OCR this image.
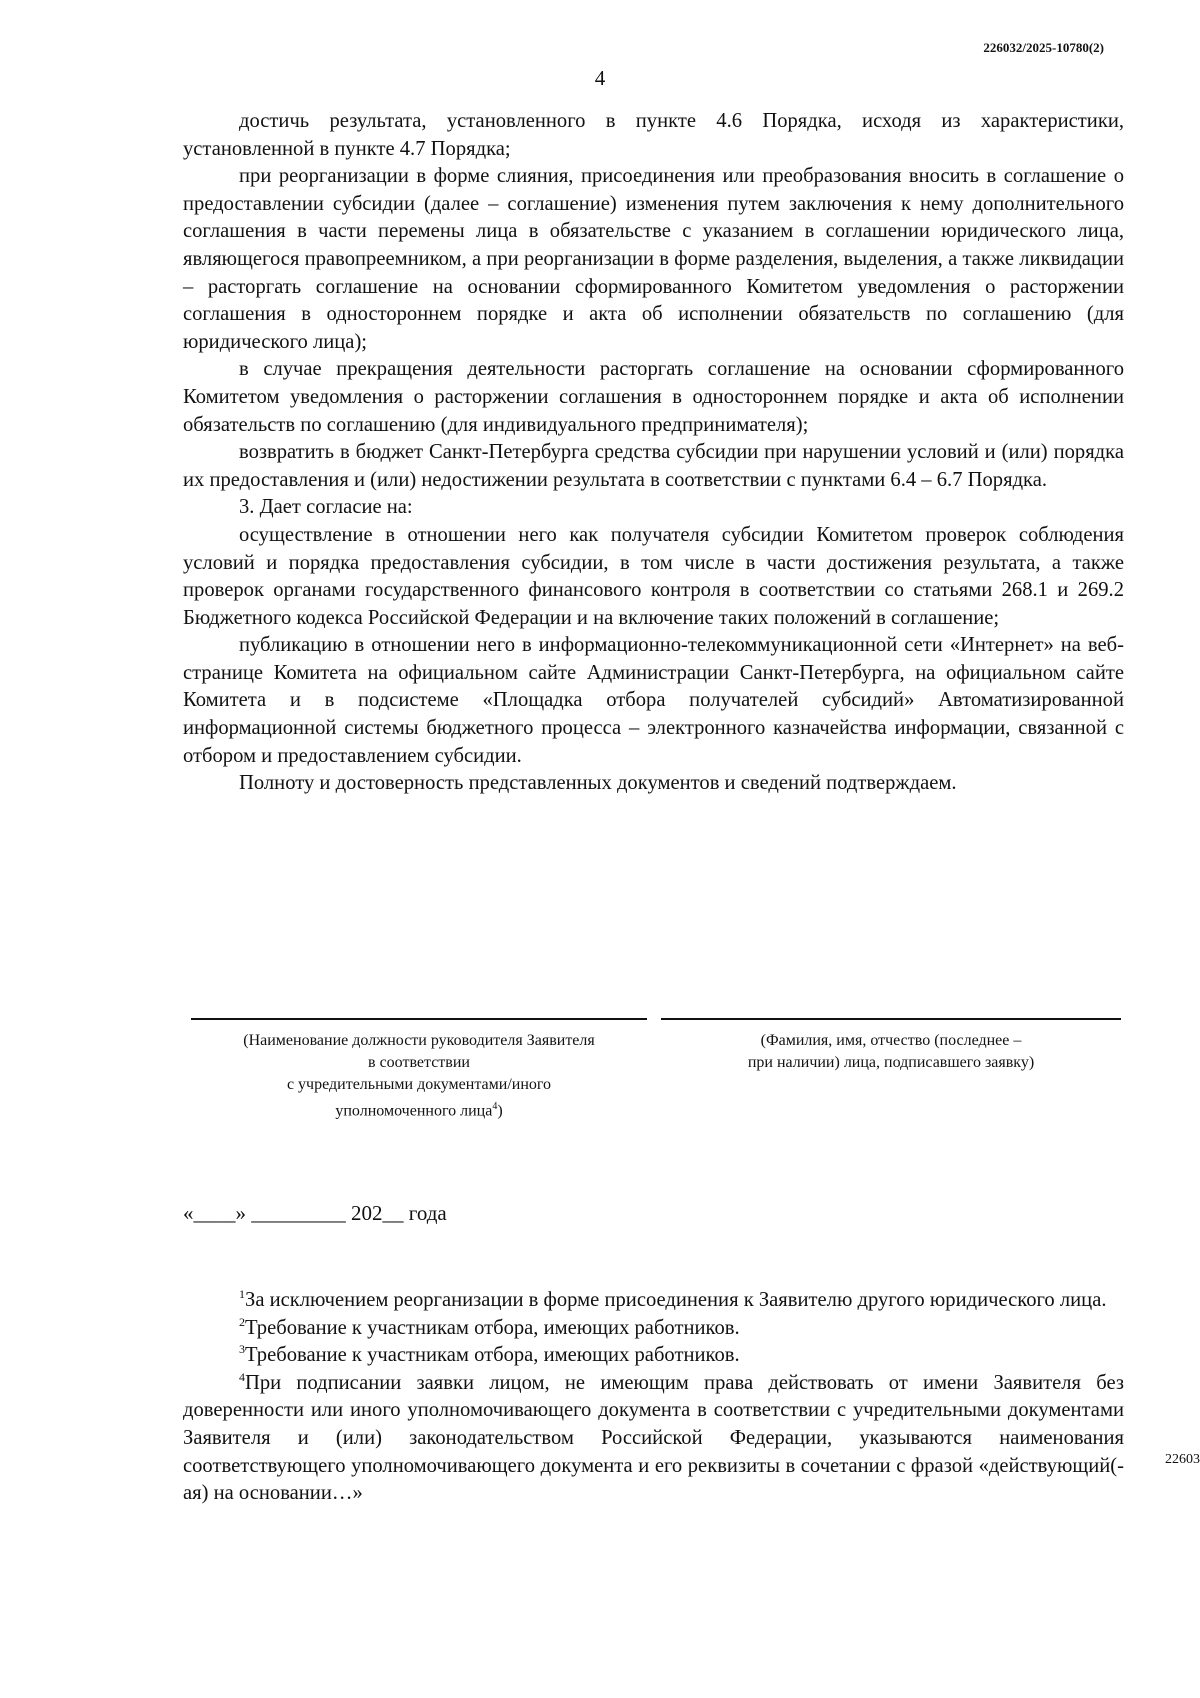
226032/2025-10780(2)
4

достичь результата, установленного в пункте 4.6 Порядка, исходя из характеристики, установленной в пункте 4.7 Порядка;

при реорганизации в форме слияния, присоединения или преобразования вносить в соглашение о предоставлении субсидии (далее – соглашение) изменения путем заключения к нему дополнительного соглашения в части перемены лица в обязательстве с указанием в соглашении юридического лица, являющегося правопреемником, а при реорганизации в форме разделения, выделения, а также ликвидации – расторгать соглашение на основании сформированного Комитетом уведомления о расторжении соглашения в одностороннем порядке и акта об исполнении обязательств по соглашению (для юридического лица);

в случае прекращения деятельности расторгать соглашение на основании сформированного Комитетом уведомления о расторжении соглашения в одностороннем порядке и акта об исполнении обязательств по соглашению (для индивидуального предпринимателя);

возвратить в бюджет Санкт-Петербурга средства субсидии при нарушении условий и (или) порядка их предоставления и (или) недостижении результата в соответствии с пунктами 6.4 – 6.7 Порядка.

3. Дает согласие на:

осуществление в отношении него как получателя субсидии Комитетом проверок соблюдения условий и порядка предоставления субсидии, в том числе в части достижения результата, а также проверок органами государственного финансового контроля в соответствии со статьями 268.1 и 269.2 Бюджетного кодекса Российской Федерации и на включение таких положений в соглашение;

публикацию в отношении него в информационно-телекоммуникационной сети «Интернет» на веб-странице Комитета на официальном сайте Администрации Санкт-Петербурга, на официальном сайте Комитета и в подсистеме «Площадка отбора получателей субсидий» Автоматизированной информационной системы бюджетного процесса – электронного казначейства информации, связанной с отбором и предоставлением субсидии.

Полноту и достоверность представленных документов и сведений подтверждаем.

(Наименование должности руководителя Заявителя
в соответствии
с учредительными документами/иного
уполномоченного лица$^4$)
(Фамилия, имя, отчество (последнее –
при наличии) лица, подписавшего заявку)
«____» _________ 202__ года

$^1$За исключением реорганизации в форме присоединения к Заявителю другого юридического лица.

$^2$Требование к участникам отбора, имеющих работников.

$^3$Требование к участникам отбора, имеющих работников.

$^4$При подписании заявки лицом, не имеющим права действовать от имени Заявителя без доверенности или иного уполномочивающего документа в соответствии с учредительными документами Заявителя и (или) законодательством Российской Федерации, указываются наименования соответствующего уполномочивающего документа и его реквизиты в сочетании с фразой «действующий(-ая) на основании…»

22603
